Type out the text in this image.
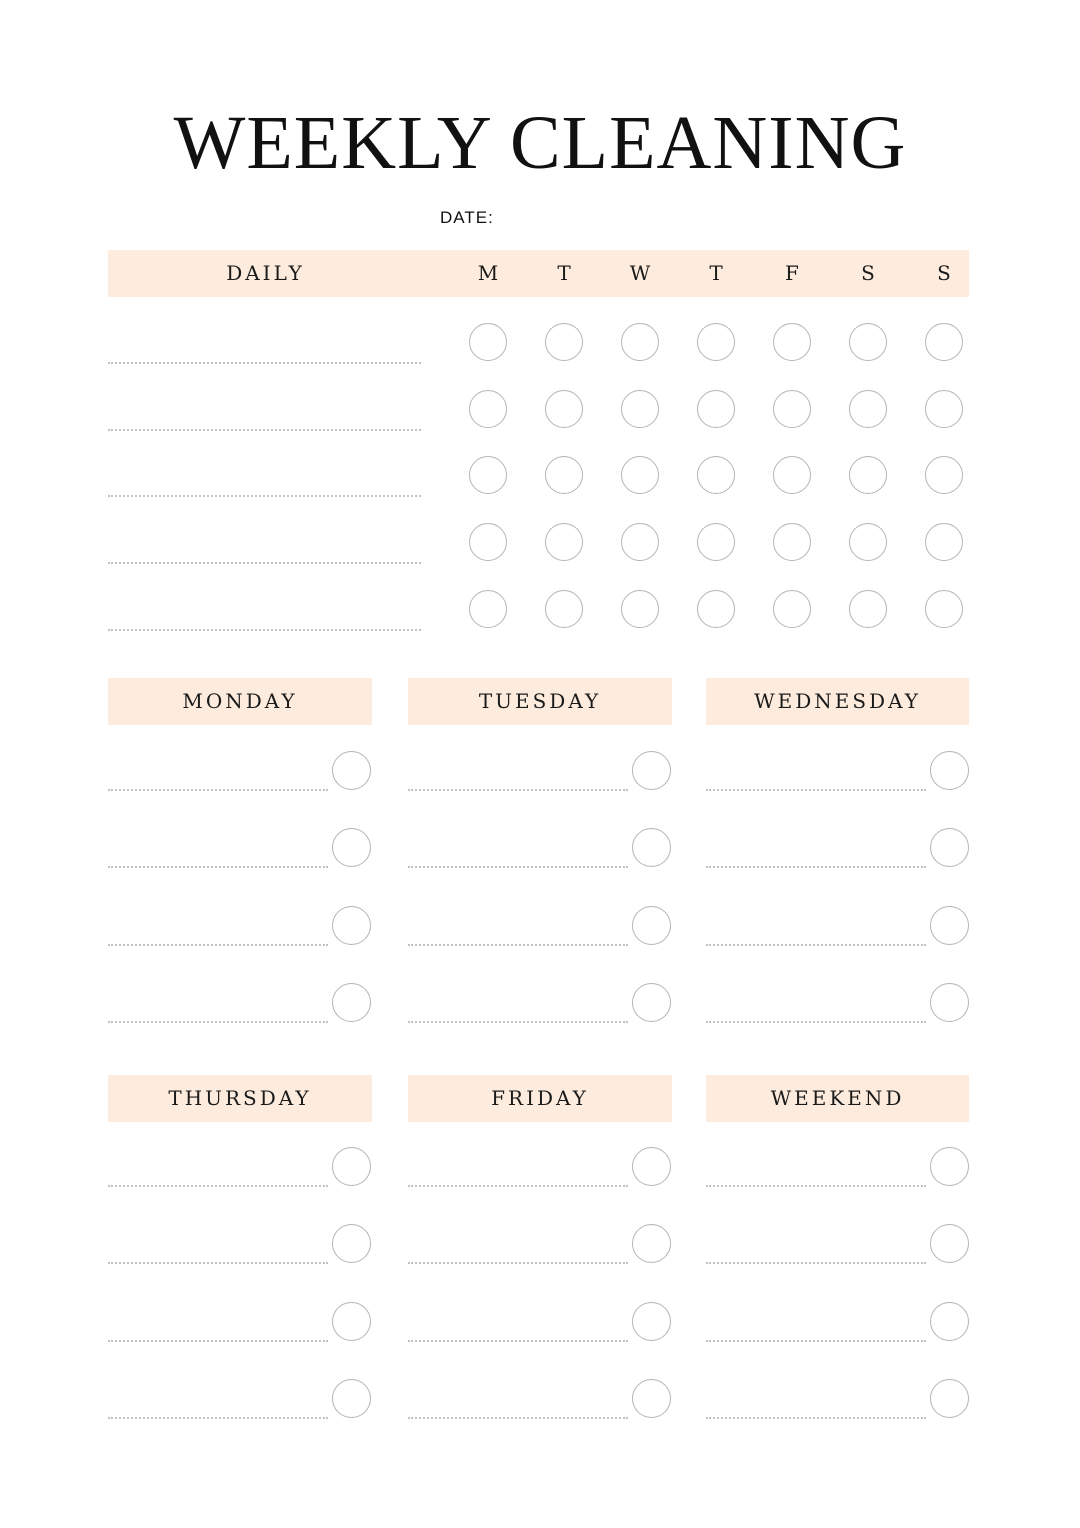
WEEKLY CLEANING
DATE:
DAILY	M	T	W	T	F	S	S
MONDAY	TUESDAY	WEDNESDAY
THURSDAY	FRIDAY	WEEKEND
